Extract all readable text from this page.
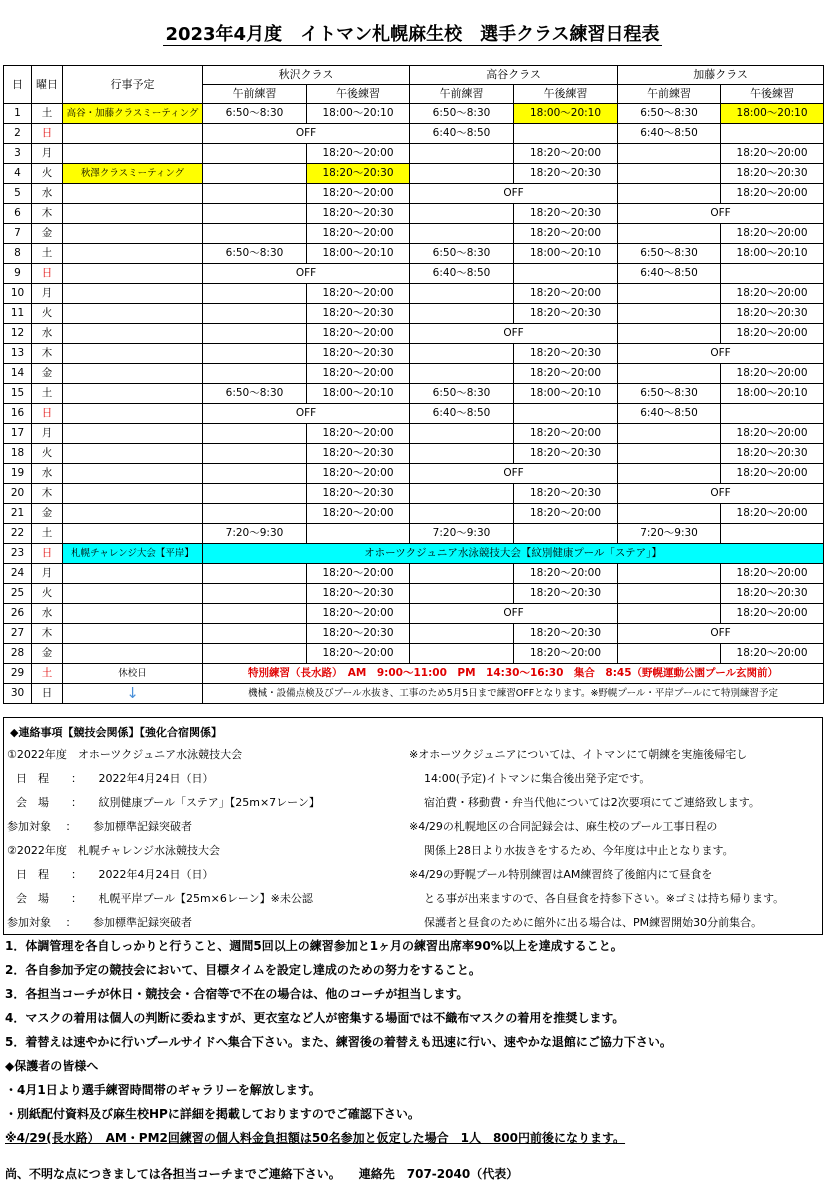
2023年4月度　イトマン札幌麻生校　選手クラス練習日程表
日	曜日	行事予定	秋沢クラス		高谷クラス		加藤クラス	
			午前練習	午後練習	午前練習	午後練習	午前練習	午後練習
1	土	高谷・加藤クラスミーティング	6:50～8:30	18:00～20:10	6:50～8:30	18:00～20:10	6:50～8:30	18:00～20:10
2	日		OFF		6:40～8:50		6:40～8:50	
3	月			18:20～20:00		18:20～20:00		18:20～20:00
4	火	秋澤クラスミーティング		18:20～20:30		18:20～20:30		18:20～20:30
5	水			18:20～20:00	OFF			18:20～20:00
6	木			18:20～20:30		18:20～20:30	OFF	
7	金			18:20～20:00		18:20～20:00		18:20～20:00
8	土		6:50～8:30	18:00～20:10	6:50～8:30	18:00～20:10	6:50～8:30	18:00～20:10
9	日		OFF		6:40～8:50		6:40～8:50	
10	月			18:20～20:00		18:20～20:00		18:20～20:00
11	火			18:20～20:30		18:20～20:30		18:20～20:30
12	水			18:20～20:00	OFF			18:20～20:00
13	木			18:20～20:30		18:20～20:30	OFF	
14	金			18:20～20:00		18:20～20:00		18:20～20:00
15	土		6:50～8:30	18:00～20:10	6:50～8:30	18:00～20:10	6:50～8:30	18:00～20:10
16	日		OFF		6:40～8:50		6:40～8:50	
17	月			18:20～20:00		18:20～20:00		18:20～20:00
18	火			18:20～20:30		18:20～20:30		18:20～20:30
19	水			18:20～20:00	OFF			18:20～20:00
20	木			18:20～20:30		18:20～20:30	OFF	
21	金			18:20～20:00		18:20～20:00		18:20～20:00
22	土		7:20～9:30		7:20～9:30		7:20～9:30	
23	日	札幌チャレンジ大会【平岸】	オホーツクジュニア水泳競技大会【紋別健康プール「ステア」】					
24	月			18:20～20:00		18:20～20:00		18:20～20:00
25	火			18:20～20:30		18:20～20:30		18:20～20:30
26	水			18:20～20:00	OFF			18:20～20:00
27	木			18:20～20:30		18:20～20:30	OFF	
28	金			18:20～20:00		18:20～20:00		18:20～20:00
29	土	休校日	特別練習（長水路）　AM　9:00～11:00　PM　14:30～16:30　集合　8:45（野幌運動公園プール玄関前）					
30	日	↓	機械・設備点検及びプール水抜き、工事のため5月5日まで練習OFFとなります。※野幌プール・平岸プールにて特別練習予定					
◆連絡事項【競技会関係】【強化合宿関係】
①2022年度　オホーツクジュニア水泳競技大会
日　程　　：　　2022年4月24日（日）
会　場　　：　　紋別健康プール「ステア」【25m×7レーン】
参加対象　 ：　　参加標準記録突破者
②2022年度　札幌チャレンジ水泳競技大会
日　程　　：　　2022年4月24日（日）
会　場　　：　　札幌平岸プール【25m×6レーン】※未公認
参加対象　 ：　　参加標準記録突破者
※オホーツクジュニアについては、イトマンにて朝練を実施後帰宅し
14:00(予定)イトマンに集合後出発予定です。
宿泊費・移動費・弁当代他については2次要項にてご連絡致します。
※4/29の札幌地区の合同記録会は、麻生校のプール工事日程の
関係上28日より水抜きをするため、今年度は中止となります。
※4/29の野幌プール特別練習はAM練習終了後館内にて昼食を
とる事が出来ますので、各自昼食を持参下さい。※ゴミは持ち帰ります。
保護者と昼食のために館外に出る場合は、PM練習開始30分前集合。
1．体調管理を各自しっかりと行うこと、週間5回以上の練習参加と1ヶ月の練習出席率90%以上を達成すること。
2．各自参加予定の競技会において、目標タイムを設定し達成のための努力をすること。
3．各担当コーチが休日・競技会・合宿等で不在の場合は、他のコーチが担当します。
4．マスクの着用は個人の判断に委ねますが、更衣室など人が密集する場面では不織布マスクの着用を推奨します。
5．着替えは速やかに行いプールサイドへ集合下さい。また、練習後の着替えも迅速に行い、速やかな退館にご協力下さい。
◆保護者の皆様へ
・4月1日より選手練習時間帯のギャラリーを解放します。
・別紙配付資料及び麻生校HPに詳細を掲載しておりますのでご確認下さい。
※4/29(長水路）　AM・PM2回練習の個人料金負担額は50名参加と仮定した場合　1人　800円前後になります。
尚、不明な点につきましては各担当コーチまでご連絡下さい。　　連絡先　707-2040（代表）
